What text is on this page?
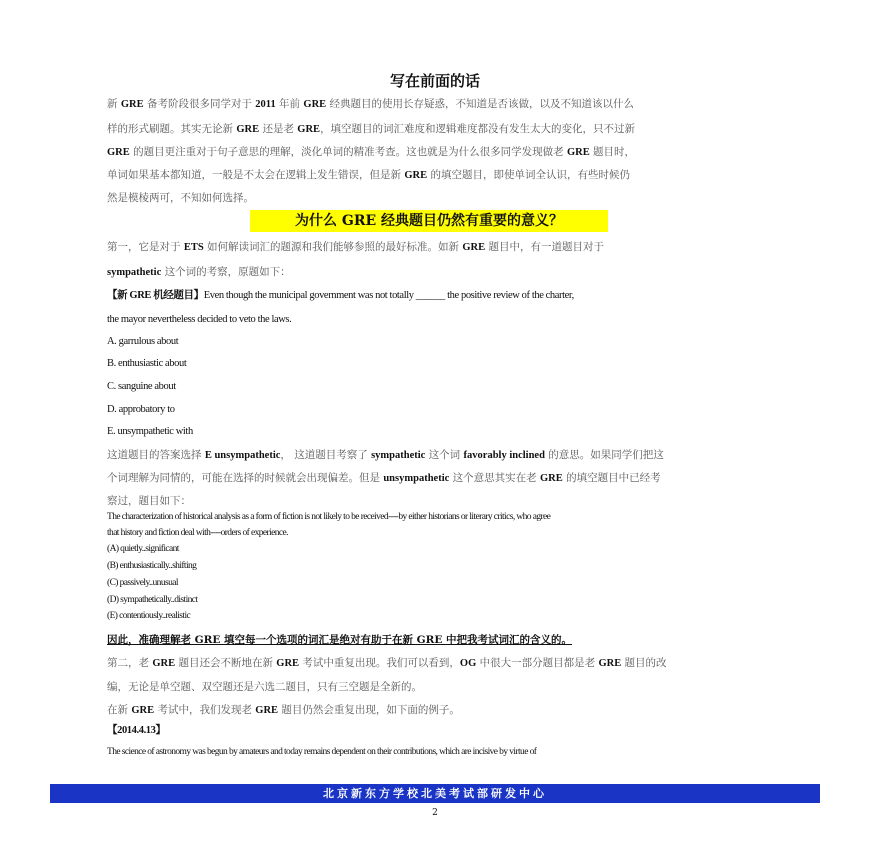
写在前面的话
新 GRE 备考阶段很多同学对于 2011 年前 GRE 经典题目的使用长存疑惑，不知道是否该做，以及不知道该以什么
样的形式刷题。其实无论新 GRE 还是老 GRE，填空题目的词汇难度和逻辑难度都没有发生太大的变化，只不过新
GRE 的题目更注重对于句子意思的理解，淡化单词的精准考查。这也就是为什么很多同学发现做老 GRE 题目时，
单词如果基本都知道，一般是不太会在逻辑上发生错误，但是新 GRE 的填空题目，即使单词全认识，有些时候仍
然是模棱两可，不知如何选择。
第一，它是对于 ETS 如何解读词汇的题源和我们能够参照的最好标准。如新 GRE 题目中，有一道题目对于
sympathetic 这个词的考察，原题如下：
【新 GRE 机经题目】Even though the municipal government was not totally ______ the positive review of the charter,
the mayor nevertheless decided to veto the laws.
A. garrulous about
B. enthusiastic about
C. sanguine about
D. approbatory to
E. unsympathetic with
这道题目的答案选择 E unsympathetic， 这道题目考察了 sympathetic 这个词 favorably inclined 的意思。如果同学们把这
个词理解为同情的，可能在选择的时候就会出现偏差。但是 unsympathetic 这个意思其实在老 GRE 的填空题目中已经考
察过，题目如下：
The characterization of historical analysis as a form of fiction is not likely to be received----by either historians or literary critics, who agree
that history and fiction deal with----orders of experience.
(A) quietly..significant
(B) enthusiastically..shifting
(C) passively..unusual
(D) sympathetically..distinct
(E) contentiously..realistic
因此，准确理解老 GRE 填空每一个选项的词汇是绝对有助于在新 GRE 中把我考试词汇的含义的。
第二，老 GRE 题目还会不断地在新 GRE 考试中重复出现。我们可以看到，OG 中很大一部分题目都是老 GRE 题目的改
编，无论是单空题、双空题还是六选二题目，只有三空题是全新的。
在新 GRE 考试中，我们发现老 GRE 题目仍然会重复出现，如下面的例子。
【2014.4.13】
The science of astronomy was begun by amateurs and today remains dependent on their contributions, which are incisive by virtue of
为什么 GRE 经典题目仍然有重要的意义？
北京新东方学校北美考试部研发中心
2
